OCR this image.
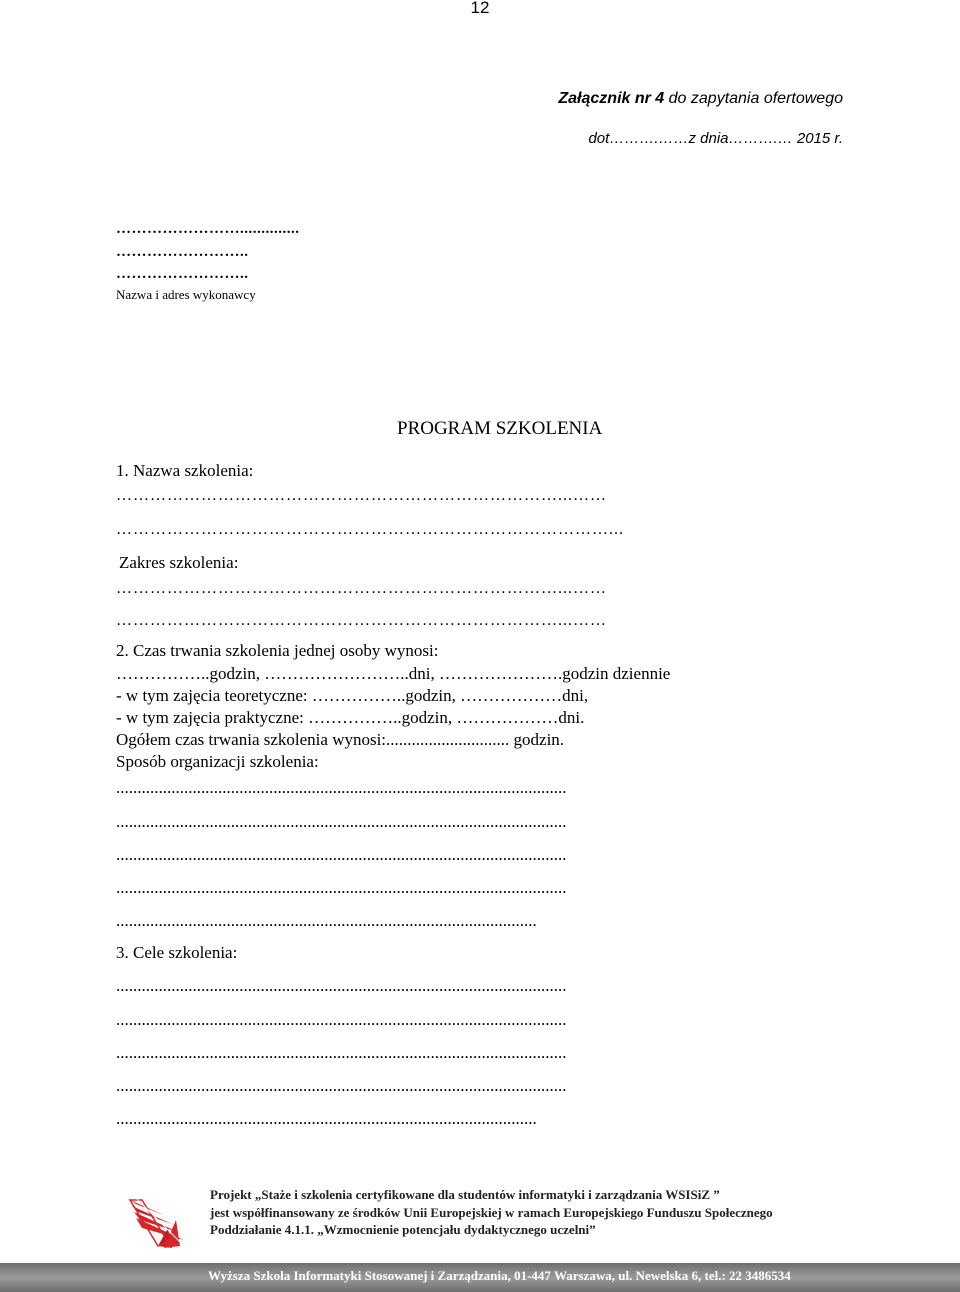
12
Załącznik nr 4 do zapytania ofertowego
dot……….……z dnia……….… 2015 r.
……………………..............
……………………..
……………………..
Nazwa i adres wykonawcy
PROGRAM SZKOLENIA
1. Nazwa szkolenia:
……………………………………………………………………...……
……………………………………………………………………………...
Zakres szkolenia:
……………………………………………………………………...……
……………………………………………………………………...……
2. Czas trwania szkolenia jednej osoby wynosi:
……………..godzin, ……………………..dni, ………………….godzin dziennie
- w tym zajęcia teoretyczne: ……………..godzin, ………………dni,
- w tym zajęcia praktyczne: ……………..godzin, ………………dni.
Ogółem czas trwania szkolenia wynosi:............................. godzin.
Sposób organizacji szkolenia:
..........................................................................................................
..........................................................................................................
..........................................................................................................
..........................................................................................................
...................................................................................................
3. Cele szkolenia:
..........................................................................................................
..........................................................................................................
..........................................................................................................
..........................................................................................................
...................................................................................................
Projekt „Staże i szkolenia certyfikowane dla studentów informatyki i zarządzania WSISiZ ”
jest współfinansowany ze środków Unii Europejskiej w ramach Europejskiego Funduszu Społecznego
Poddziałanie 4.1.1. „Wzmocnienie potencjału dydaktycznego uczelni”
Wyższa Szkoła Informatyki Stosowanej i Zarządzania, 01-447 Warszawa, ul. Newelska 6, tel.: 22 3486534
